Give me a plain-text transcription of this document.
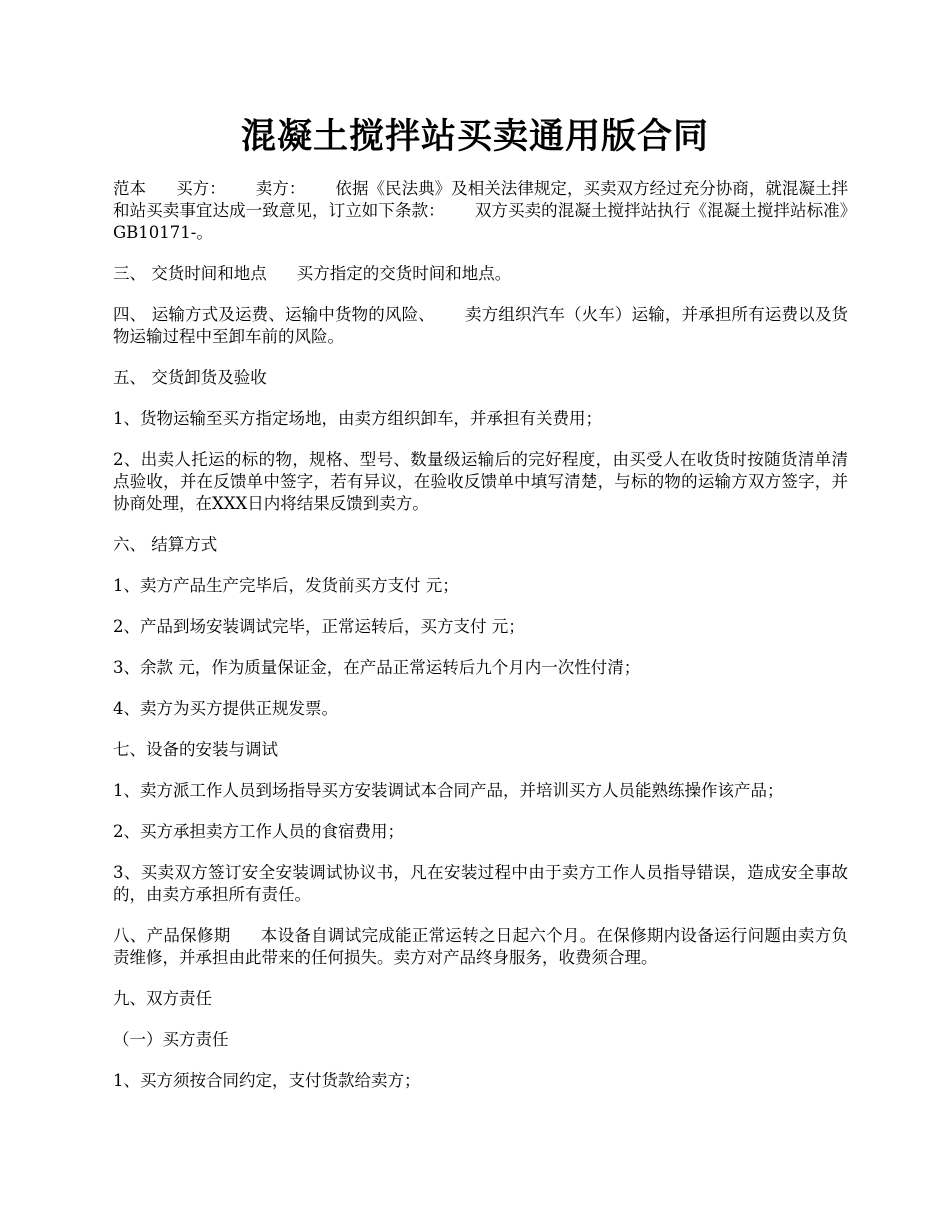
混凝土搅拌站买卖通用版合同

范本 买方： 卖方： 依据《民法典》及相关法律规定，买卖双方经过充分协商，就混凝土拌和站买卖事宜达成一致意见，订立如下条款： 双方买卖的混凝土搅拌站执行《混凝土搅拌站标准》GB10171-。

三、 交货时间和地点 买方指定的交货时间和地点。

四、 运输方式及运费、运输中货物的风险、 卖方组织汽车（火车）运输，并承担所有运费以及货物运输过程中至卸车前的风险。

五、 交货卸货及验收

1、货物运输至买方指定场地，由卖方组织卸车，并承担有关费用；

2、出卖人托运的标的物，规格、型号、数量级运输后的完好程度，由买受人在收货时按随货清单清点验收，并在反馈单中签字，若有异议，在验收反馈单中填写清楚，与标的物的运输方双方签字，并协商处理，在XXX日内将结果反馈到卖方。

六、 结算方式

1、卖方产品生产完毕后，发货前买方支付 元；

2、产品到场安装调试完毕，正常运转后，买方支付 元；

3、余款 元，作为质量保证金，在产品正常运转后九个月内一次性付清；

4、卖方为买方提供正规发票。

七、设备的安装与调试

1、卖方派工作人员到场指导买方安装调试本合同产品，并培训买方人员能熟练操作该产品；

2、买方承担卖方工作人员的食宿费用；

3、买卖双方签订安全安装调试协议书，凡在安装过程中由于卖方工作人员指导错误，造成安全事故的，由卖方承担所有责任。

八、产品保修期 本设备自调试完成能正常运转之日起六个月。在保修期内设备运行问题由卖方负责维修，并承担由此带来的任何损失。卖方对产品终身服务，收费须合理。

九、双方责任

（一）买方责任

1、买方须按合同约定，支付货款给卖方；
